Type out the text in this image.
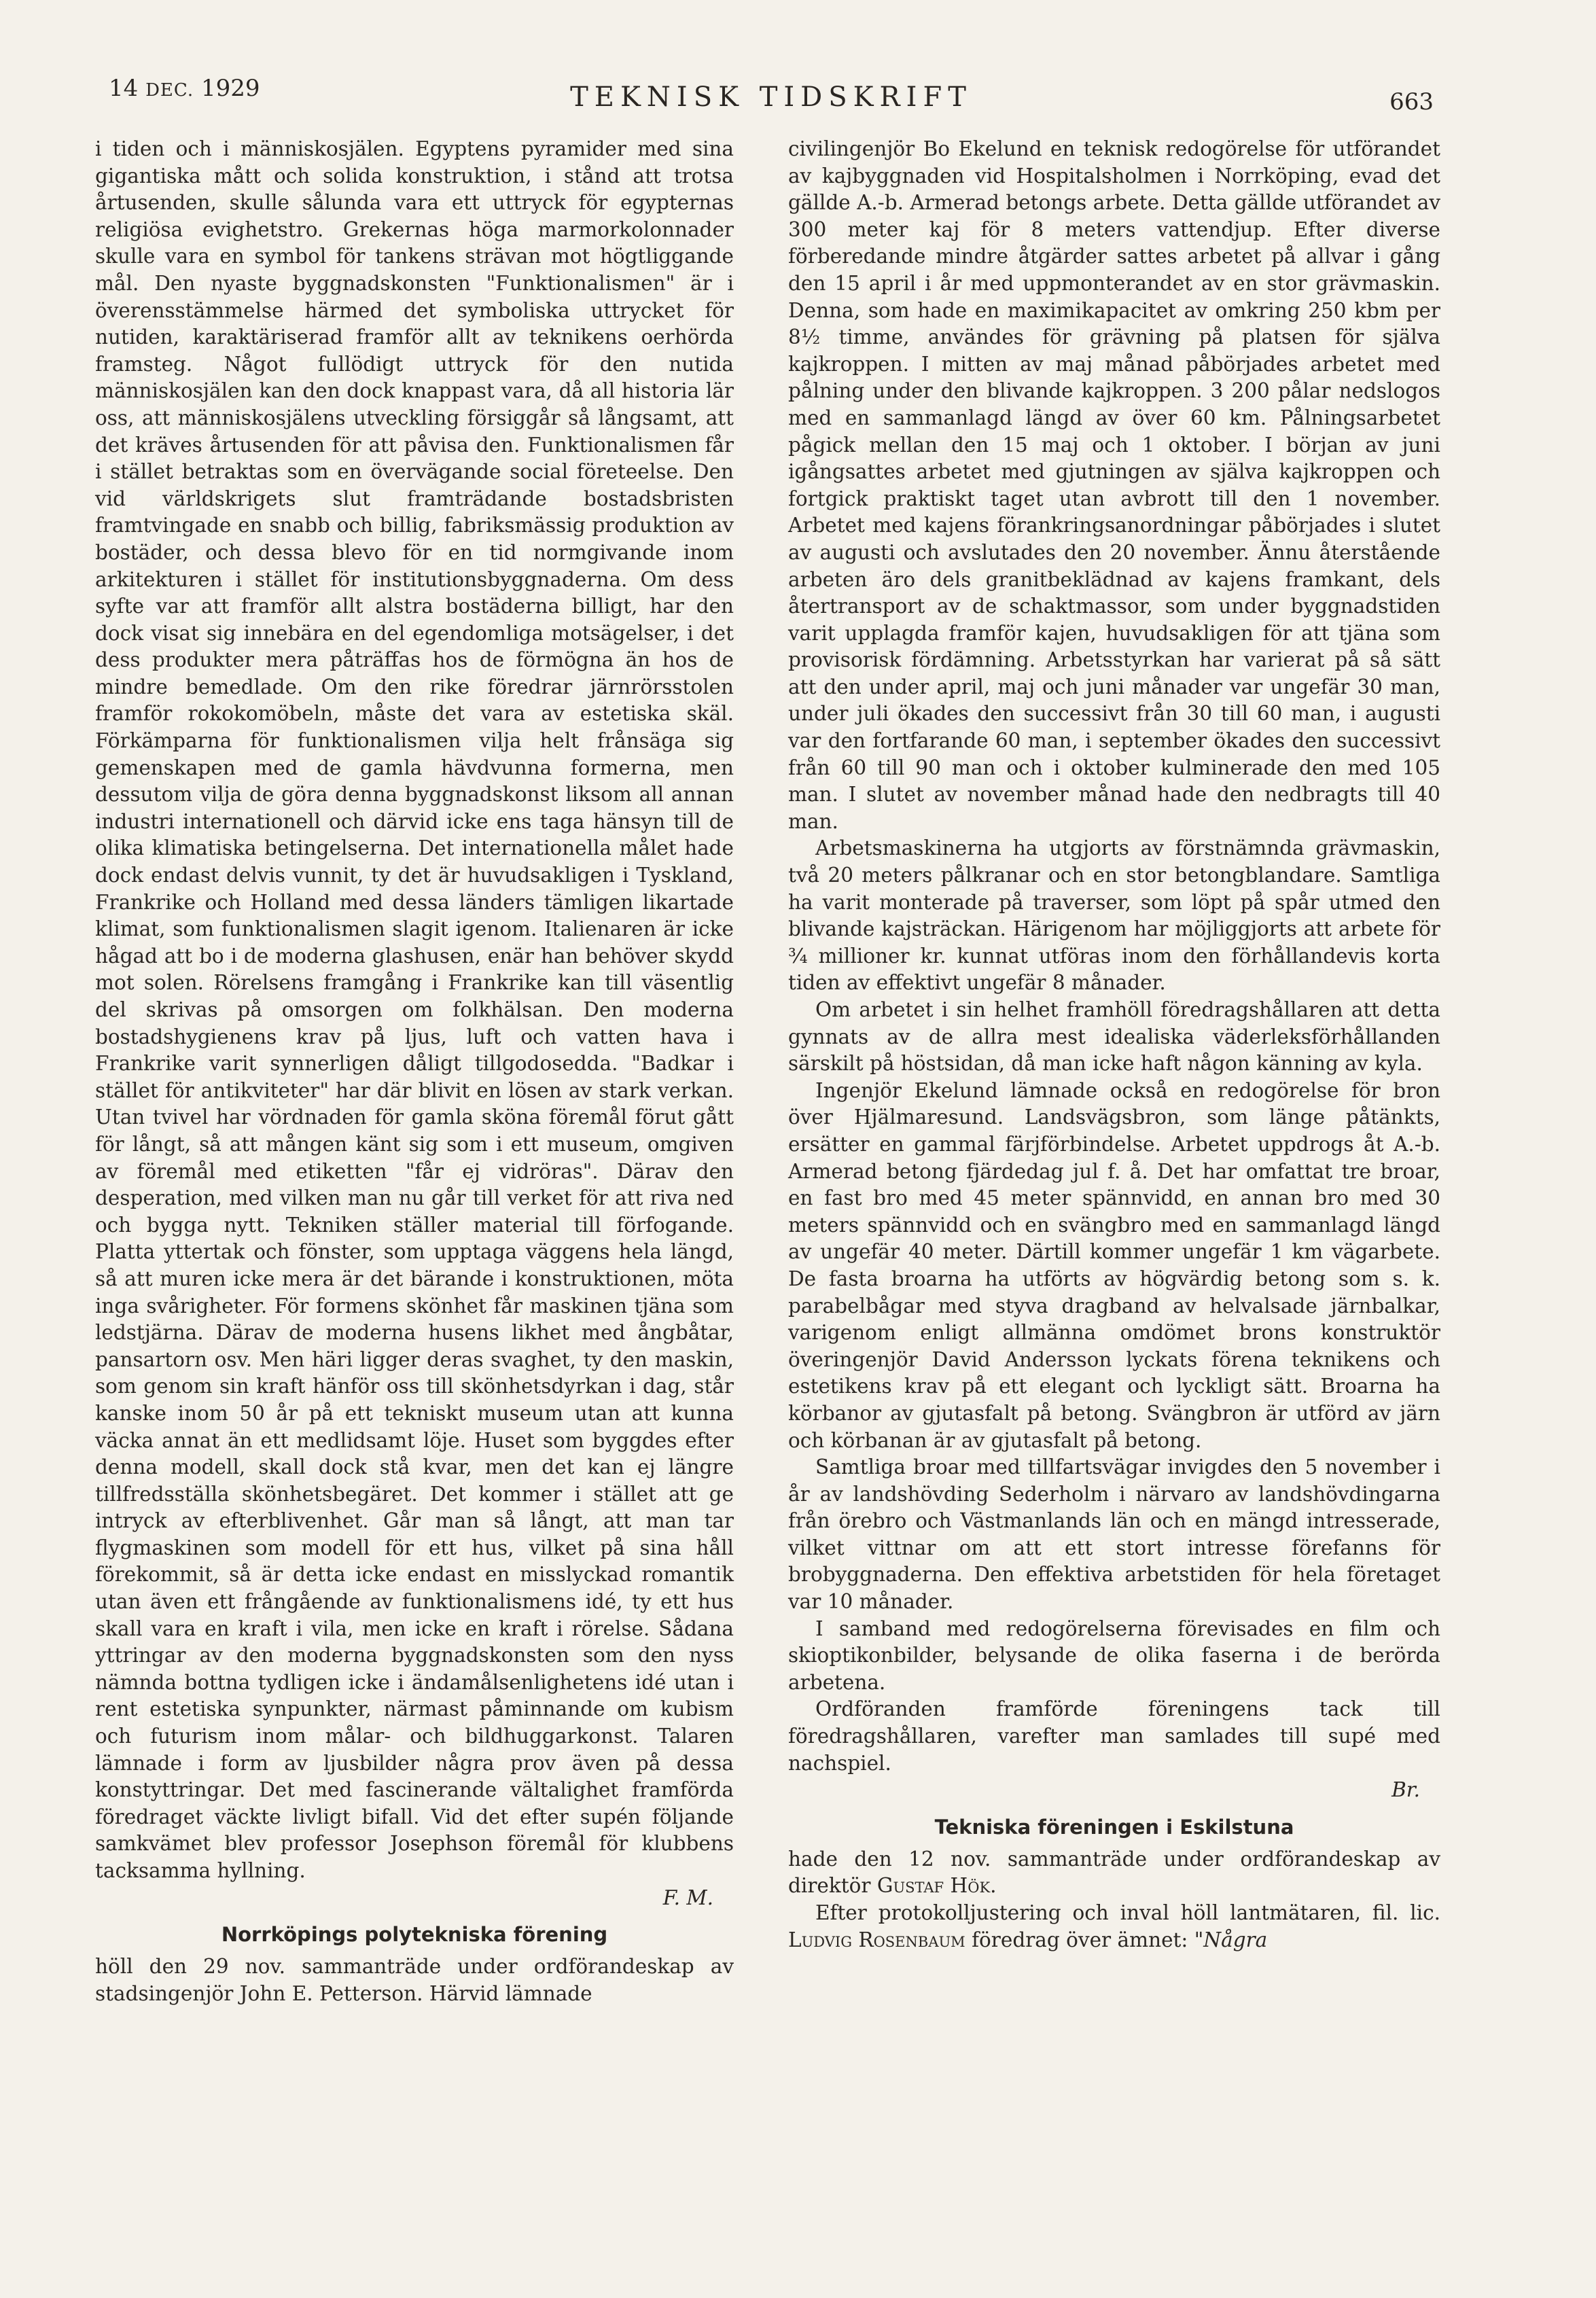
14 DEC. 1929	TEKNISK TIDSKRIFT	663

i tiden och i människosjälen. Egyptens pyramider med sina gigantiska mått och solida konstruktion, i stånd att trotsa årtusenden, skulle sålunda vara ett uttryck för egypternas religiösa evighetstro. Grekernas höga marmorkolonnader skulle vara en symbol för tankens strävan mot högtliggande mål. Den nyaste byggnadskonsten "Funktionalismen" är i överensstämmelse härmed det symboliska uttrycket för nutiden, karaktäriserad framför allt av teknikens oerhörda framsteg. Något fullödigt uttryck för den nutida människosjälen kan den dock knappast vara, då all historia lär oss, att människosjälens utveckling försiggår så långsamt, att det kräves årtusenden för att påvisa den. Funktionalismen får i stället betraktas som en övervägande social företeelse. Den vid världskrigets slut framträdande bostadsbristen framtvingade en snabb och billig, fabriksmässig produktion av bostäder, och dessa blevo för en tid normgivande inom arkitekturen i stället för institutionsbyggnaderna. Om dess syfte var att framför allt alstra bostäderna billigt, har den dock visat sig innebära en del egendomliga motsägelser, i det dess produkter mera påträffas hos de förmögna än hos de mindre bemedlade. Om den rike föredrar järnrörsstolen framför rokokomöbeln, måste det vara av estetiska skäl. Förkämparna för funktionalismen vilja helt frånsäga sig gemenskapen med de gamla hävdvunna formerna, men dessutom vilja de göra denna byggnadskonst liksom all annan industri internationell och därvid icke ens taga hänsyn till de olika klimatiska betingelserna. Det internationella målet hade dock endast delvis vunnit, ty det är huvudsakligen i Tyskland, Frankrike och Holland med dessa länders tämligen likartade klimat, som funktionalismen slagit igenom. Italienaren är icke hågad att bo i de moderna glashusen, enär han behöver skydd mot solen. Rörelsens framgång i Frankrike kan till väsentlig del skrivas på omsorgen om folkhälsan. Den moderna bostadshygienens krav på ljus, luft och vatten hava i Frankrike varit synnerligen dåligt tillgodosedda. "Badkar i stället för antikviteter" har där blivit en lösen av stark verkan. Utan tvivel har vördnaden för gamla sköna föremål förut gått för långt, så att mången känt sig som i ett museum, omgiven av föremål med etiketten "får ej vidröras". Därav den desperation, med vilken man nu går till verket för att riva ned och bygga nytt. Tekniken ställer material till förfogande. Platta yttertak och fönster, som upptaga väggens hela längd, så att muren icke mera är det bärande i konstruktionen, möta inga svårigheter. För formens skönhet får maskinen tjäna som ledstjärna. Därav de moderna husens likhet med ångbåtar, pansartorn osv. Men häri ligger deras svaghet, ty den maskin, som genom sin kraft hänför oss till skönhetsdyrkan i dag, står kanske inom 50 år på ett tekniskt museum utan att kunna väcka annat än ett medlidsamt löje. Huset som byggdes efter denna modell, skall dock stå kvar, men det kan ej längre tillfredsställa skönhetsbegäret. Det kommer i stället att ge intryck av efterblivenhet. Går man så långt, att man tar flygmaskinen som modell för ett hus, vilket på sina håll förekommit, så är detta icke endast en misslyckad romantik utan även ett frångående av funktionalismens idé, ty ett hus skall vara en kraft i vila, men icke en kraft i rörelse. Sådana yttringar av den moderna byggnadskonsten som den nyss nämnda bottna tydligen icke i ändamålsenlighetens idé utan i rent estetiska synpunkter, närmast påminnande om kubism och futurism inom målar- och bildhuggarkonst. Talaren lämnade i form av ljusbilder några prov även på dessa konstyttringar. Det med fascinerande vältalighet framförda föredraget väckte livligt bifall. Vid det efter supén följande samkvämet blev professor Josephson föremål för klubbens tacksamma hyllning.

F. M.

Norrköpings polytekniska förening

höll den 29 nov. sammanträde under ordförandeskap av stadsingenjör John E. Petterson. Härvid lämnade

civilingenjör Bo Ekelund en teknisk redogörelse för utförandet av kajbyggnaden vid Hospitalsholmen i Norrköping, evad det gällde A.-b. Armerad betongs arbete. Detta gällde utförandet av 300 meter kaj för 8 meters vattendjup. Efter diverse förberedande mindre åtgärder sattes arbetet på allvar i gång den 15 april i år med uppmonterandet av en stor grävmaskin. Denna, som hade en maximikapacitet av omkring 250 kbm per 8½ timme, användes för grävning på platsen för själva kajkroppen. I mitten av maj månad påbörjades arbetet med pålning under den blivande kajkroppen. 3 200 pålar nedslogos med en sammanlagd längd av över 60 km. Pålningsarbetet pågick mellan den 15 maj och 1 oktober. I början av juni igångsattes arbetet med gjutningen av själva kajkroppen och fortgick praktiskt taget utan avbrott till den 1 november. Arbetet med kajens förankringsanordningar påbörjades i slutet av augusti och avslutades den 20 november. Ännu återstående arbeten äro dels granitbeklädnad av kajens framkant, dels återtransport av de schaktmassor, som under byggnadstiden varit upplagda framför kajen, huvudsakligen för att tjäna som provisorisk fördämning. Arbetsstyrkan har varierat på så sätt att den under april, maj och juni månader var ungefär 30 man, under juli ökades den successivt från 30 till 60 man, i augusti var den fortfarande 60 man, i september ökades den successivt från 60 till 90 man och i oktober kulminerade den med 105 man. I slutet av november månad hade den nedbragts till 40 man.

Arbetsmaskinerna ha utgjorts av förstnämnda grävmaskin, två 20 meters pålkranar och en stor betongblandare. Samtliga ha varit monterade på traverser, som löpt på spår utmed den blivande kajsträckan. Härigenom har möjliggjorts att arbete för ¾ millioner kr. kunnat utföras inom den förhållandevis korta tiden av effektivt ungefär 8 månader.

Om arbetet i sin helhet framhöll föredragshållaren att detta gynnats av de allra mest idealiska väderleksförhållanden särskilt på höstsidan, då man icke haft någon känning av kyla.

Ingenjör Ekelund lämnade också en redogörelse för bron över Hjälmaresund. Landsvägsbron, som länge påtänkts, ersätter en gammal färjförbindelse. Arbetet uppdrogs åt A.-b. Armerad betong fjärdedag jul f. å. Det har omfattat tre broar, en fast bro med 45 meter spännvidd, en annan bro med 30 meters spännvidd och en svängbro med en sammanlagd längd av ungefär 40 meter. Därtill kommer ungefär 1 km vägarbete. De fasta broarna ha utförts av högvärdig betong som s. k. parabelbågar med styva dragband av helvalsade järnbalkar, varigenom enligt allmänna omdömet brons konstruktör överingenjör David Andersson lyckats förena teknikens och estetikens krav på ett elegant och lyckligt sätt. Broarna ha körbanor av gjutasfalt på betong. Svängbron är utförd av järn och körbanan är av gjutasfalt på betong.

Samtliga broar med tillfartsvägar invigdes den 5 november i år av landshövding Sederholm i närvaro av landshövdingarna från örebro och Västmanlands län och en mängd intresserade, vilket vittnar om att ett stort intresse förefanns för brobyggnaderna. Den effektiva arbetstiden för hela företaget var 10 månader.

I samband med redogörelserna förevisades en film och skioptikonbilder, belysande de olika faserna i de berörda arbetena.

Ordföranden framförde föreningens tack till föredragshållaren, varefter man samlades till supé med nachspiel.

Br.

Tekniska föreningen i Eskilstuna

hade den 12 nov. sammanträde under ordförandeskap av direktör Gustaf Hök.

Efter protokolljustering och inval höll lantmätaren, fil. lic. Ludvig Rosenbaum föredrag över ämnet: "Några
